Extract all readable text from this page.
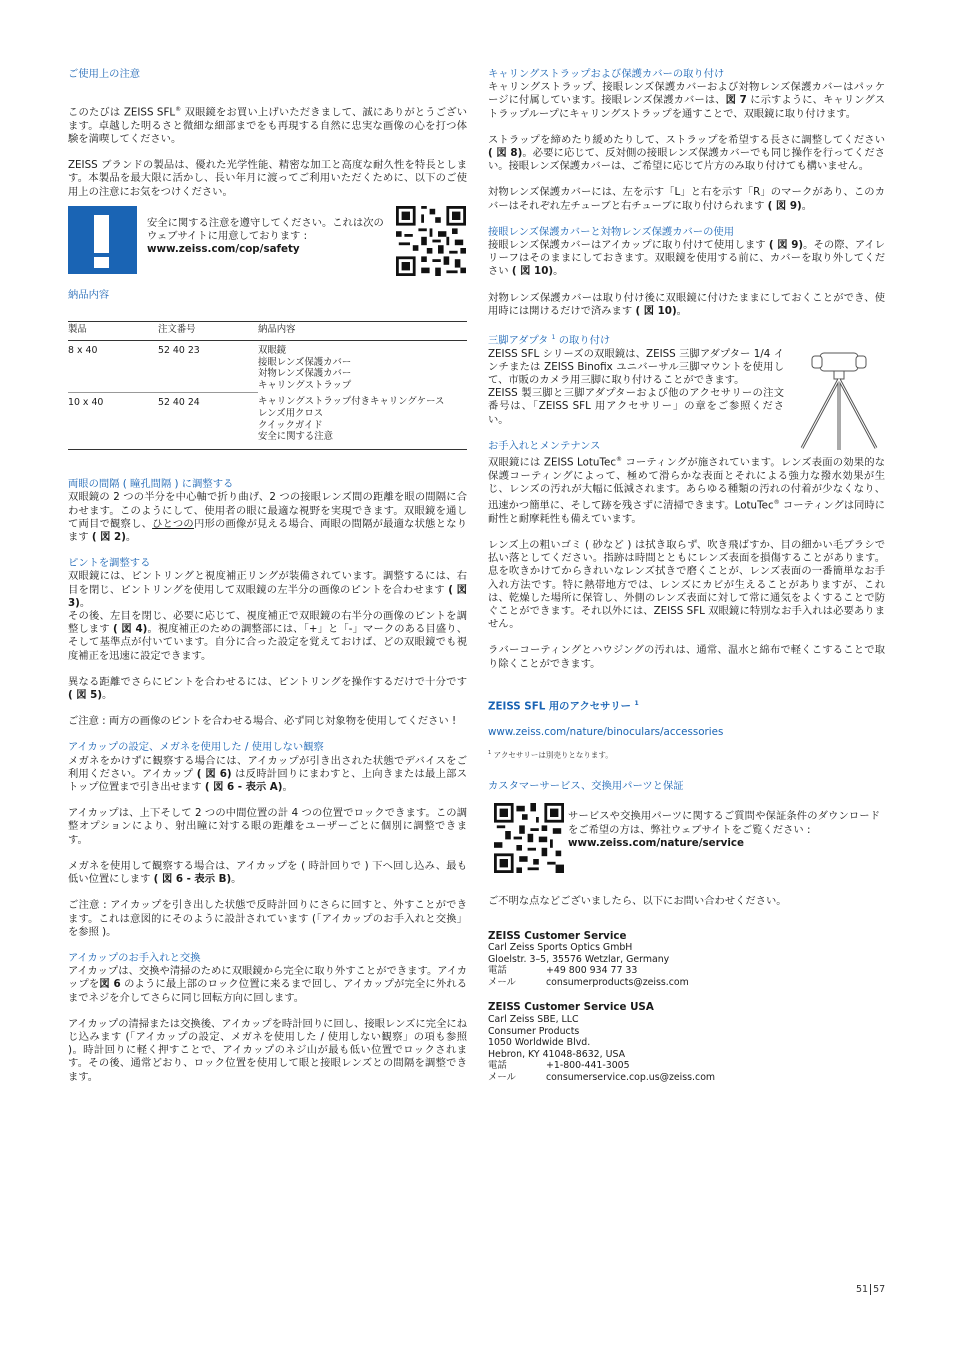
ご使用上の注意

このたびは ZEISS SFL® 双眼鏡をお買い上げいただきまして、誠にありがとうございます。卓越した明るさと微細な細部までをも再現する自然に忠実な画像の心を打つ体験を満喫してください。

ZEISS ブランドの製品は、優れた光学性能、精密な加工と高度な耐久性を特長とします。本製品を最大限に活かし、長い年月に渡ってご利用いただくために、以下のご使用上の注意にお気をつけください。

安全に関する注意を遵守してください。これは次のウェブサイトに用意しております :
www.zeiss.com/cop/safety
納品内容
製品	注文番号	納品内容
8 x 40	52 40 23	双眼鏡
接眼レンズ保護カバー
対物レンズ保護カバー
キャリングストラップ

10 x 40	52 40 24	キャリングストラップ付きキャリングケース
レンズ用クロス
クイックガイド
安全に関する注意
両眼の間隔 ( 瞳孔間隔 ) に調整する

双眼鏡の 2 つの半分を中心軸で折り曲げ、2 つの接眼レンズ間の距離を眼の間隔に合わせます。このようにして、使用者の眼に最適な視野を実現できます。双眼鏡を通して両目で観察し、ひとつの円形の画像が見える場合、両眼の間隔が最適な状態となります ( 図 2)。

ピントを調整する

双眼鏡には、ピントリングと視度補正リングが装備されています。調整するには、右目を閉じ、ピントリングを使用して双眼鏡の左半分の画像のピントを合わせます ( 図 3)。

その後、左目を閉じ、必要に応じて、視度補正で双眼鏡の右半分の画像のピントを調整します ( 図 4)。視度補正のための調整部には、「+」と「-」マークのある目盛り、そして基準点が付いています。自分に合った設定を覚えておけば、どの双眼鏡でも視度補正を迅速に設定できます。

異なる距離でさらにピントを合わせるには、ピントリングを操作するだけで十分です ( 図 5)。

ご注意 : 両方の画像のピントを合わせる場合、必ず同じ対象物を使用してください !

アイカップの設定、メガネを使用した / 使用しない観察

メガネをかけずに観察する場合には、アイカップが引き出された状態でデバイスをご利用ください。アイカップ ( 図 6) は反時計回りにまわすと、上向きまたは最上部ストップ位置まで引き出せます ( 図 6 - 表示 A)。

アイカップは、上下そして 2 つの中間位置の計 4 つの位置でロックできます。この調整オプションにより、射出瞳に対する眼の距離をユーザーごとに個別に調整できます。

メガネを使用して観察する場合は、アイカップを ( 時計回りで ) 下へ回し込み、最も低い位置にします ( 図 6 - 表示 B)。

ご注意 : アイカップを引き出した状態で反時計回りにさらに回すと、外すことができます。これは意図的にそのように設計されています (「アイカップのお手入れと交換」を参照 )。

アイカップのお手入れと交換

アイカップは、交換や清掃のために双眼鏡から完全に取り外すことができます。アイカップを図 6 のように最上部のロック位置に来るまで回し、アイカップが完全に外れるまでネジを介してさらに同じ回転方向に回します。

アイカップの清掃または交換後、アイカップを時計回りに回し、接眼レンズに完全にねじ込みます (「アイカップの設定、メガネを使用した / 使用しない観察」の項も参照 )。時計回りに軽く押すことで、アイカップのネジ山が最も低い位置でロックされます。その後、通常どおり、ロック位置を使用して眼と接眼レンズとの間隔を調整できます。

キャリングストラップおよび保護カバーの取り付け

キャリングストラップ、接眼レンズ保護カバーおよび対物レンズ保護カバーはパッケージに付属しています。接眼レンズ保護カバーは、図 7 に示すように、キャリングストラップループにキャリングストラップを通すことで、双眼鏡に取り付けます。

ストラップを締めたり緩めたりして、ストラップを希望する長さに調整してください ( 図 8)。必要に応じて、反対側の接眼レンズ保護カバーでも同じ操作を行ってください。接眼レンズ保護カバーは、ご希望に応じて片方のみ取り付けても構いません。

対物レンズ保護カバーには、左を示す「L」と右を示す「R」のマークがあり、このカバーはそれぞれ左チューブと右チューブに取り付けられます ( 図 9)。

接眼レンズ保護カバーと対物レンズ保護カバーの使用

接眼レンズ保護カバーはアイカップに取り付けて使用します ( 図 9)。その際、アイレリーフはそのままにしておきます。双眼鏡を使用する前に、カバーを取り外してください ( 図 10)。

対物レンズ保護カバーは取り付け後に双眼鏡に付けたままにしておくことができ、使用時には開けるだけで済みます ( 図 10)。

三脚アダプタ $^1$ の取り付け

ZEISS SFL シリーズの双眼鏡は、ZEISS 三脚アダプター 1/4 インチまたは ZEISS Binofix ユニバーサル三脚マウントを使用して、市販のカメラ用三脚に取り付けることができます。

ZEISS 製三脚と三脚アダプターおよび他のアクセサリーの注文番号は、「ZEISS SFL 用アクセサリー」の章をご参照ください。

お手入れとメンテナンス

双眼鏡には ZEISS LotuTec® コーティングが施されています。レンズ表面の効果的な保護コーティングによって、極めて滑らかな表面とそれによる強力な撥水効果が生じ、レンズの汚れが大幅に低減されます。あらゆる種類の汚れの付着が少なくなり、迅速かつ簡単に、そして跡を残さずに清掃できます。LotuTec® コーティングは同時に耐性と耐摩耗性も備えています。

レンズ上の粗いゴミ ( 砂など ) は拭き取らず、吹き飛ばすか、目の細かい毛ブラシで払い落としてください。指跡は時間とともにレンズ表面を損傷することがあります。息を吹きかけてからきれいなレンズ拭きで磨くことが、レンズ表面の一番簡単なお手入れ方法です。特に熱帯地方では、レンズにカビが生えることがありますが、これは、乾燥した場所に保管し、外側のレンズ表面に対して常に通気をよくすることで防ぐことができます。それ以外には、ZEISS SFL 双眼鏡に特別なお手入れは必要ありません。

ラバーコーティングとハウジングの汚れは、通常、温水と綿布で軽くこすることで取り除くことができます。

ZEISS SFL 用のアクセサリー $^1$
www.zeiss.com/nature/binoculars/accessories
$^1$ アクセサリーは別売りとなります。
カスタマーサービス、交換用パーツと保証

サービスや交換用パーツに関するご質問や保証条件のダウンロードをご希望の方は、弊社ウェブサイトをご覧ください :

www.zeiss.com/nature/service

ご不明な点などございましたら、以下にお問い合わせください。

ZEISS Customer Service
Carl Zeiss Sports Optics GmbH
Gloelstr. 3–5, 35576 Wetzlar, Germany
電話	+49 800 934 77 33
メール	consumerproducts@zeiss.com
ZEISS Customer Service USA
Carl Zeiss SBE, LLC
Consumer Products
1050 Worldwide Blvd.
Hebron, KY 41048-8632, USA
電話	+1-800-441-3005
メール	consumerservice.cop.us@zeiss.com
51 57
